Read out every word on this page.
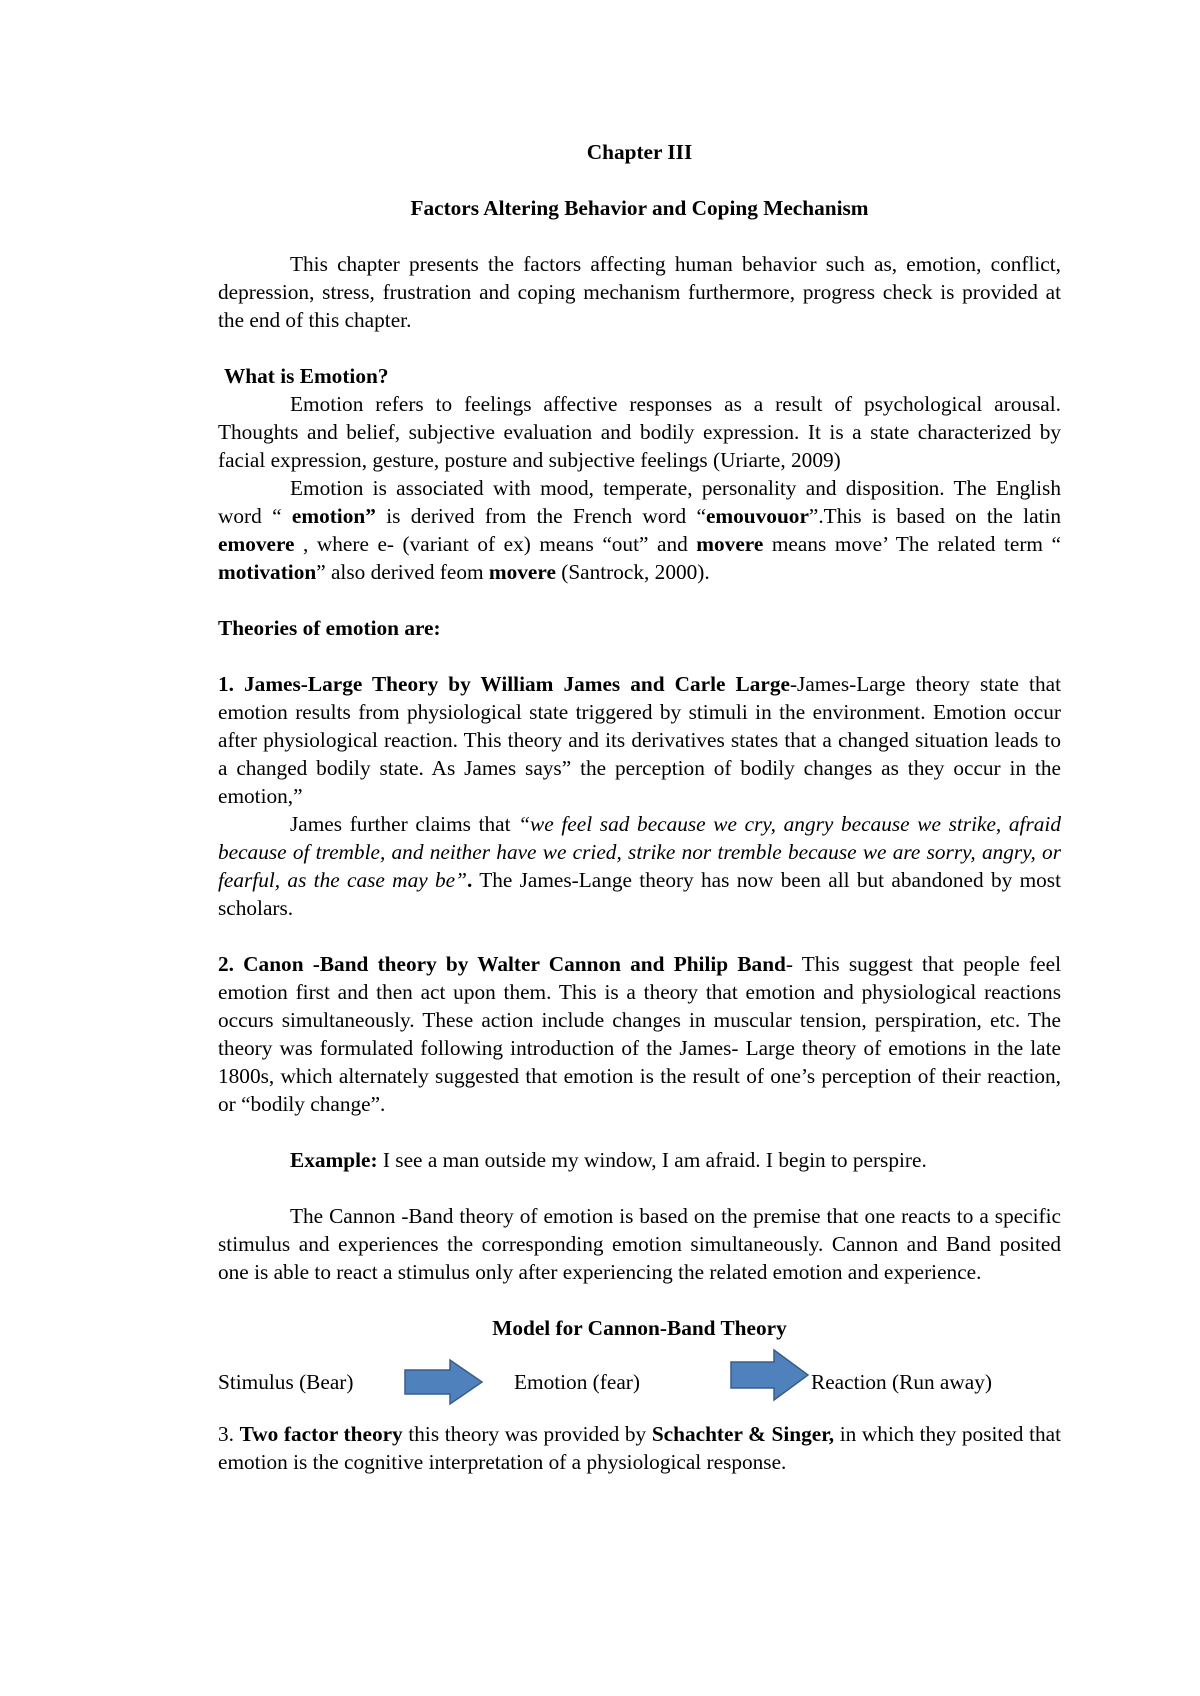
Chapter III

Factors Altering Behavior and Coping Mechanism

This chapter presents the factors affecting human behavior such as, emotion, conflict, depression, stress, frustration and coping mechanism furthermore, progress check is provided at the end of this chapter.

What is Emotion?

Emotion refers to feelings affective responses as a result of psychological arousal. Thoughts and belief, subjective evaluation and bodily expression. It is a state characterized by facial expression, gesture, posture and subjective feelings (Uriarte, 2009)

Emotion is associated with mood, temperate, personality and disposition. The English word “ emotion” is derived from the French word “emouvouor”.This is based on the latin emovere , where e- (variant of ex) means “out” and movere means move’ The related term “ motivation” also derived feom movere (Santrock, 2000).

Theories of emotion are:

1. James-Large Theory by William James and Carle Large-James-Large theory state that emotion results from physiological state triggered by stimuli in the environment. Emotion occur after physiological reaction. This theory and its derivatives states that a changed situation leads to a changed bodily state. As James says” the perception of bodily changes as they occur in the emotion,”

James further claims that “we feel sad because we cry, angry because we strike, afraid because of tremble, and neither have we cried, strike nor tremble because we are sorry, angry, or fearful, as the case may be”. The James-Lange theory has now been all but abandoned by most scholars.

2. Canon -Band theory by Walter Cannon and Philip Band- This suggest that people feel emotion first and then act upon them. This is a theory that emotion and physiological reactions occurs simultaneously. These action include changes in muscular tension, perspiration, etc. The theory was formulated following introduction of the James- Large theory of emotions in the late 1800s, which alternately suggested that emotion is the result of one’s perception of their reaction, or “bodily change”.

Example: I see a man outside my window, I am afraid. I begin to perspire.

The Cannon -Band theory of emotion is based on the premise that one reacts to a specific stimulus and experiences the corresponding emotion simultaneously. Cannon and Band posited one is able to react a stimulus only after experiencing the related emotion and experience.

Model for Cannon-Band Theory

Stimulus (Bear)	Emotion (fear)	Reaction (Run away)

3. Two factor theory this theory was provided by Schachter & Singer, in which they posited that emotion is the cognitive interpretation of a physiological response.
